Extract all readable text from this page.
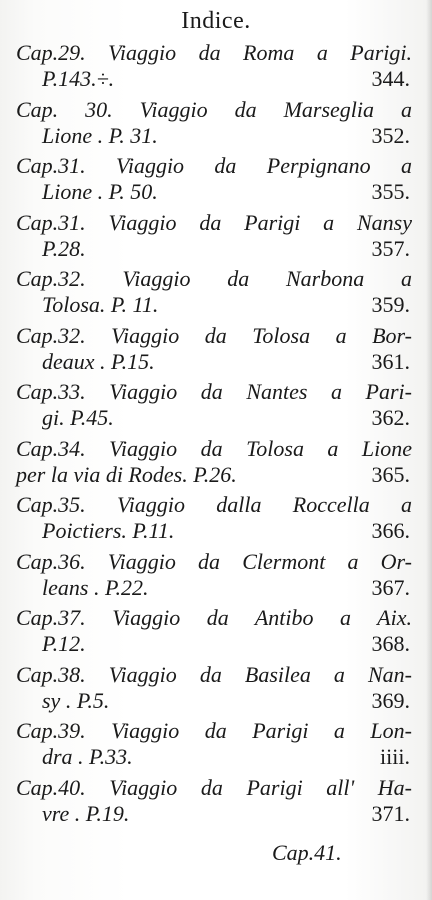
Indice.
Cap.29. Viaggio da Roma a Parigi.
P.143.÷.	344.
Cap. 30. Viaggio da Marseglia a
Lione . P. 31.	352.
Cap.31. Viaggio da Perpignano a
Lione . P. 50.	355.
Cap.31. Viaggio da Parigi a Nansy
P.28.	357.
Cap.32. Viaggio da Narbona a
Tolosa. P. 11.	359.
Cap.32. Viaggio da Tolosa a Bor-
deaux . P.15.	361.
Cap.33. Viaggio da Nantes a Pari-
gi. P.45.	362.
Cap.34. Viaggio da Tolosa a Lione
per la via di Rodes. P.26.	365.
Cap.35. Viaggio dalla Roccella a
Poictiers. P.11.	366.
Cap.36. Viaggio da Clermont a Or-
leans . P.22.	367.
Cap.37. Viaggio da Antibo a Aix.
P.12.	368.
Cap.38. Viaggio da Basilea a Nan-
sy . P.5.	369.
Cap.39. Viaggio da Parigi a Lon-
dra . P.33.	iiii.
Cap.40. Viaggio da Parigi all' Ha-
vre . P.19.	371.
Cap.41.
